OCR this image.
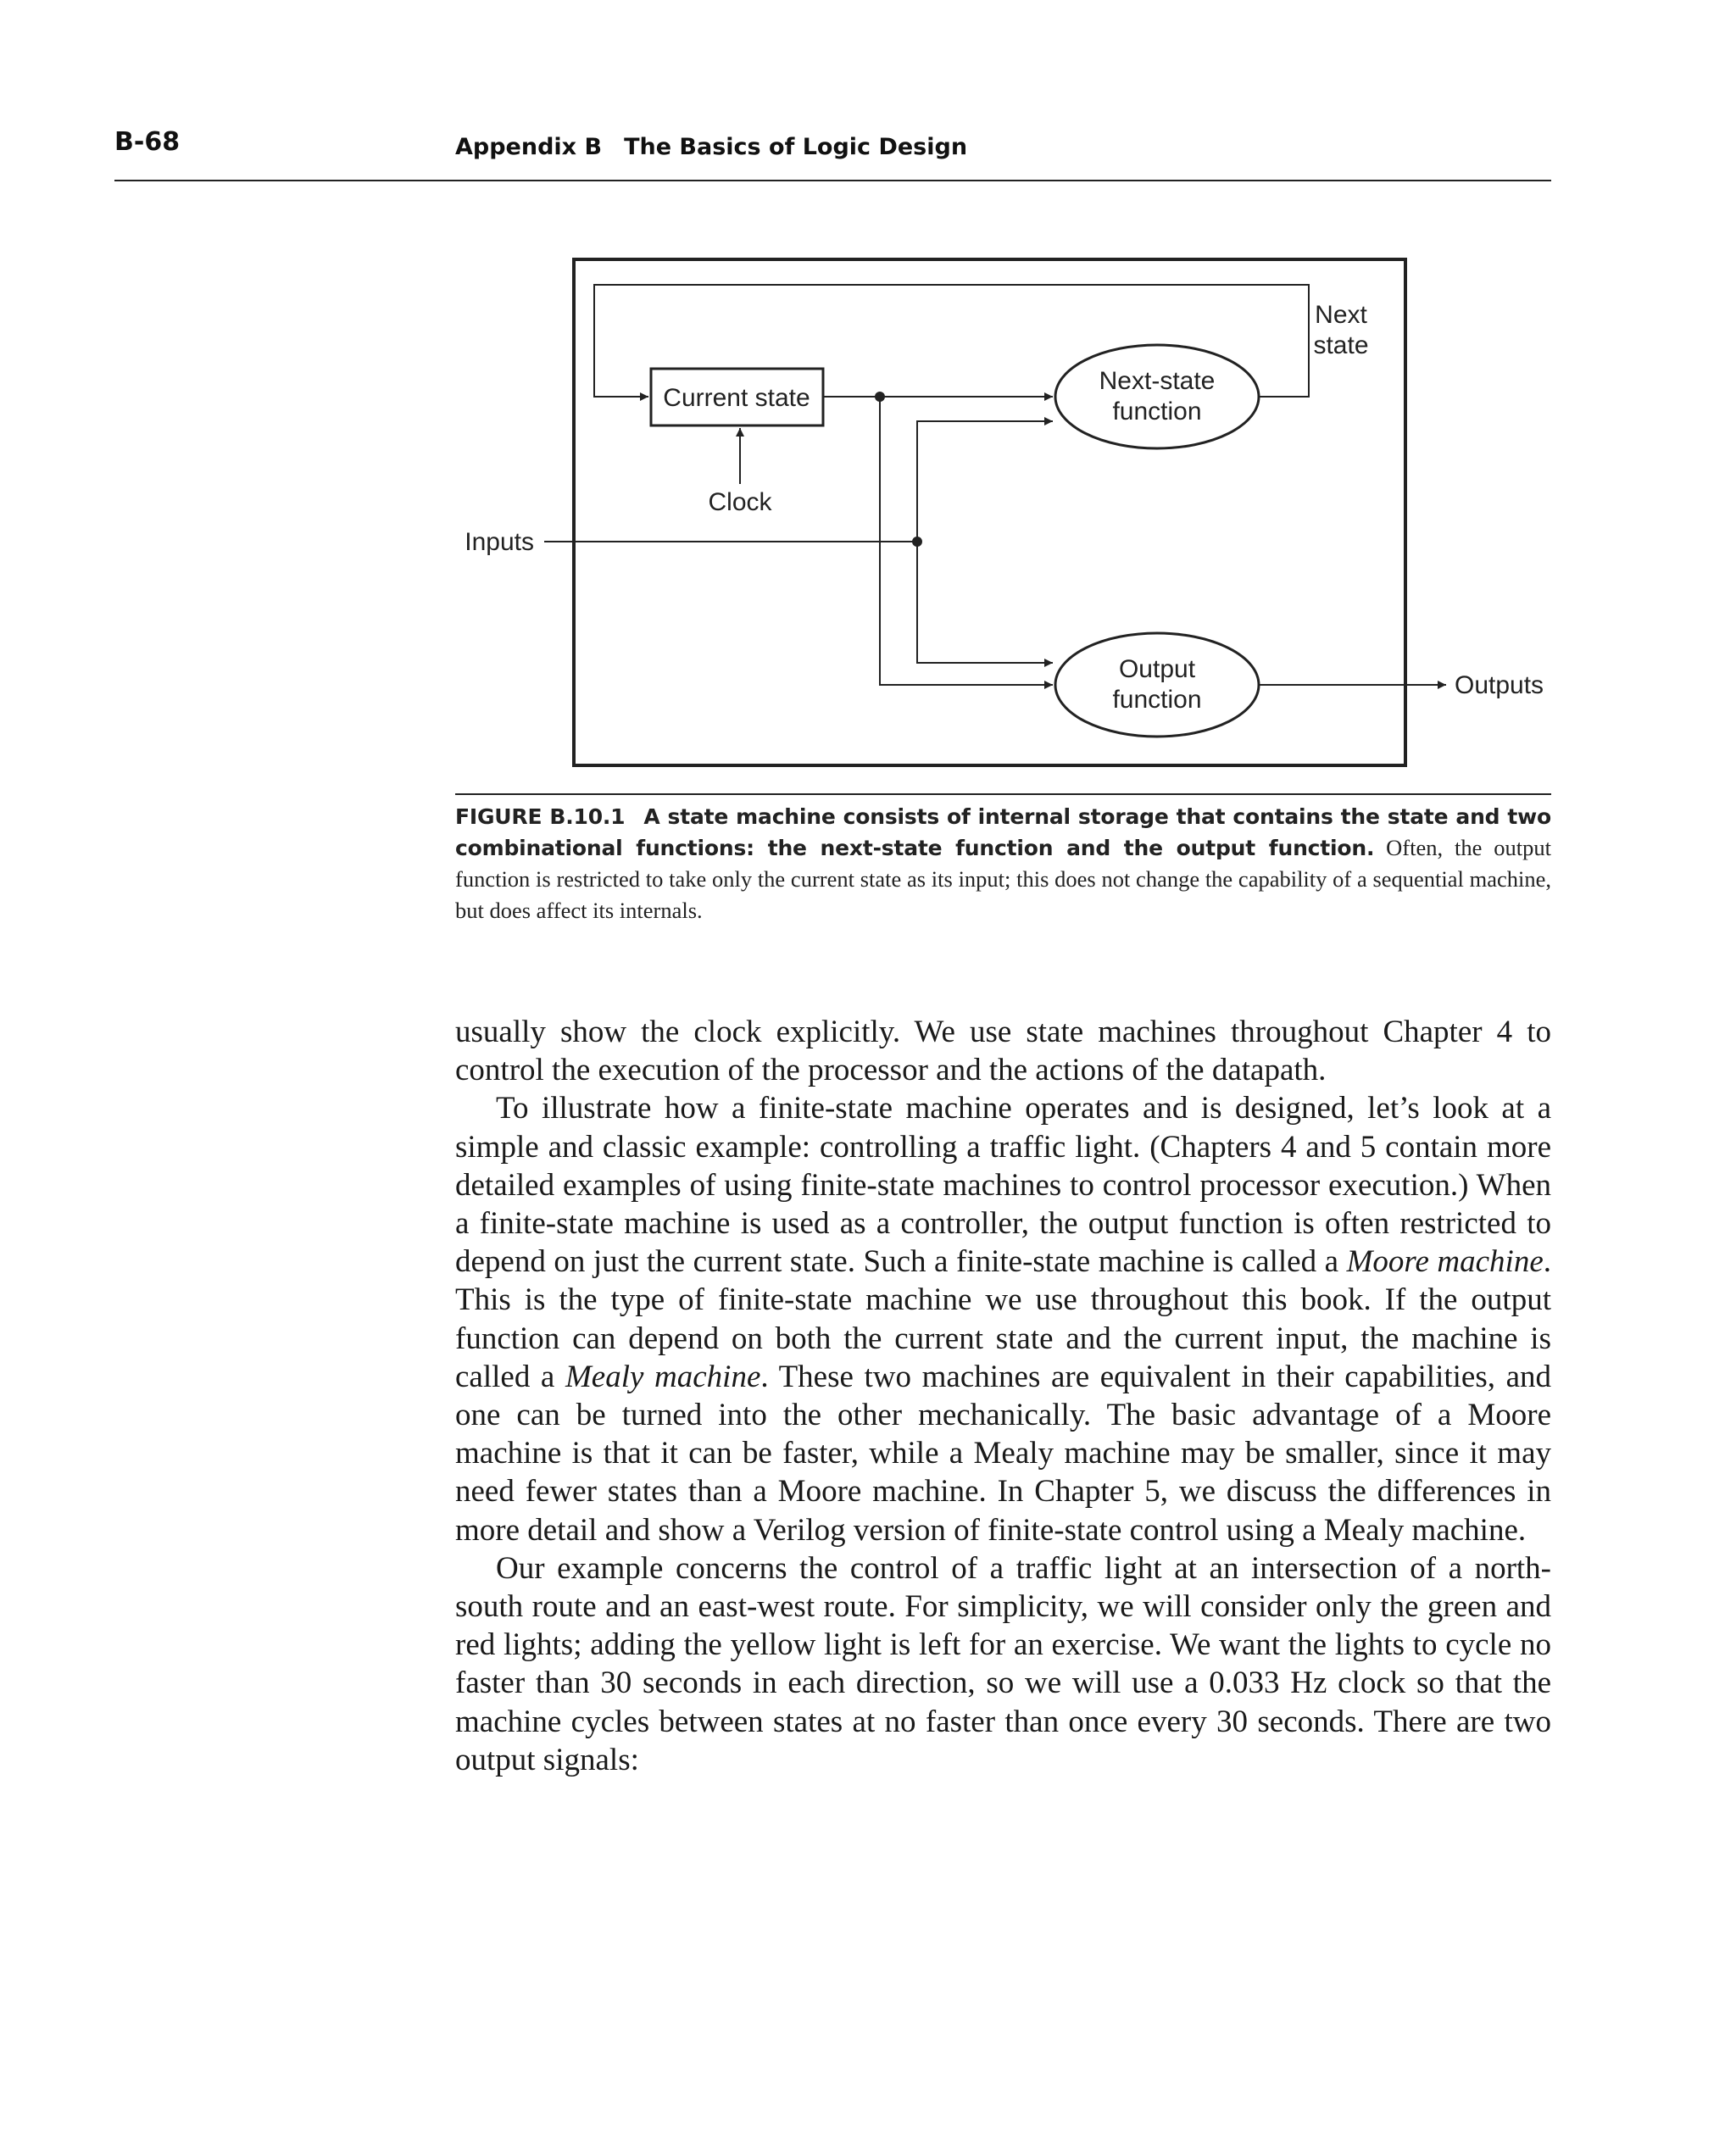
B-68	Appendix B The Basics of Logic Design
Next
state
Current state
Next-state
function
Clock
Inputs
Output
function
Outputs
FIGURE B.10.1 A state machine consists of internal storage that contains the state and two combinational functions: the next-state function and the output function. Often, the output function is restricted to take only the current state as its input; this does not change the capability of a sequential machine, but does affect its internals.

usually show the clock explicitly. We use state machines throughout Chapter 4 to control the execution of the processor and the actions of the datapath.

To illustrate how a finite-state machine operates and is designed, let’s look at a simple and classic example: controlling a traffic light. (Chapters 4 and 5 contain more detailed examples of using finite-state machines to control processor execution.) When a finite-state machine is used as a controller, the output function is often restricted to depend on just the current state. Such a finite-state machine is called a Moore machine. This is the type of finite-state machine we use throughout this book. If the output function can depend on both the current state and the current input, the machine is called a Mealy machine. These two machines are equivalent in their capabilities, and one can be turned into the other mechanically. The basic advantage of a Moore machine is that it can be faster, while a Mealy machine may be smaller, since it may need fewer states than a Moore machine. In Chapter 5, we discuss the differences in more detail and show a Verilog version of finite-state control using a Mealy machine.

Our example concerns the control of a traffic light at an intersection of a north-south route and an east-west route. For simplicity, we will consider only the green and red lights; adding the yellow light is left for an exercise. We want the lights to cycle no faster than 30 seconds in each direction, so we will use a 0.033 Hz clock so that the machine cycles between states at no faster than once every 30 seconds. There are two output signals:
